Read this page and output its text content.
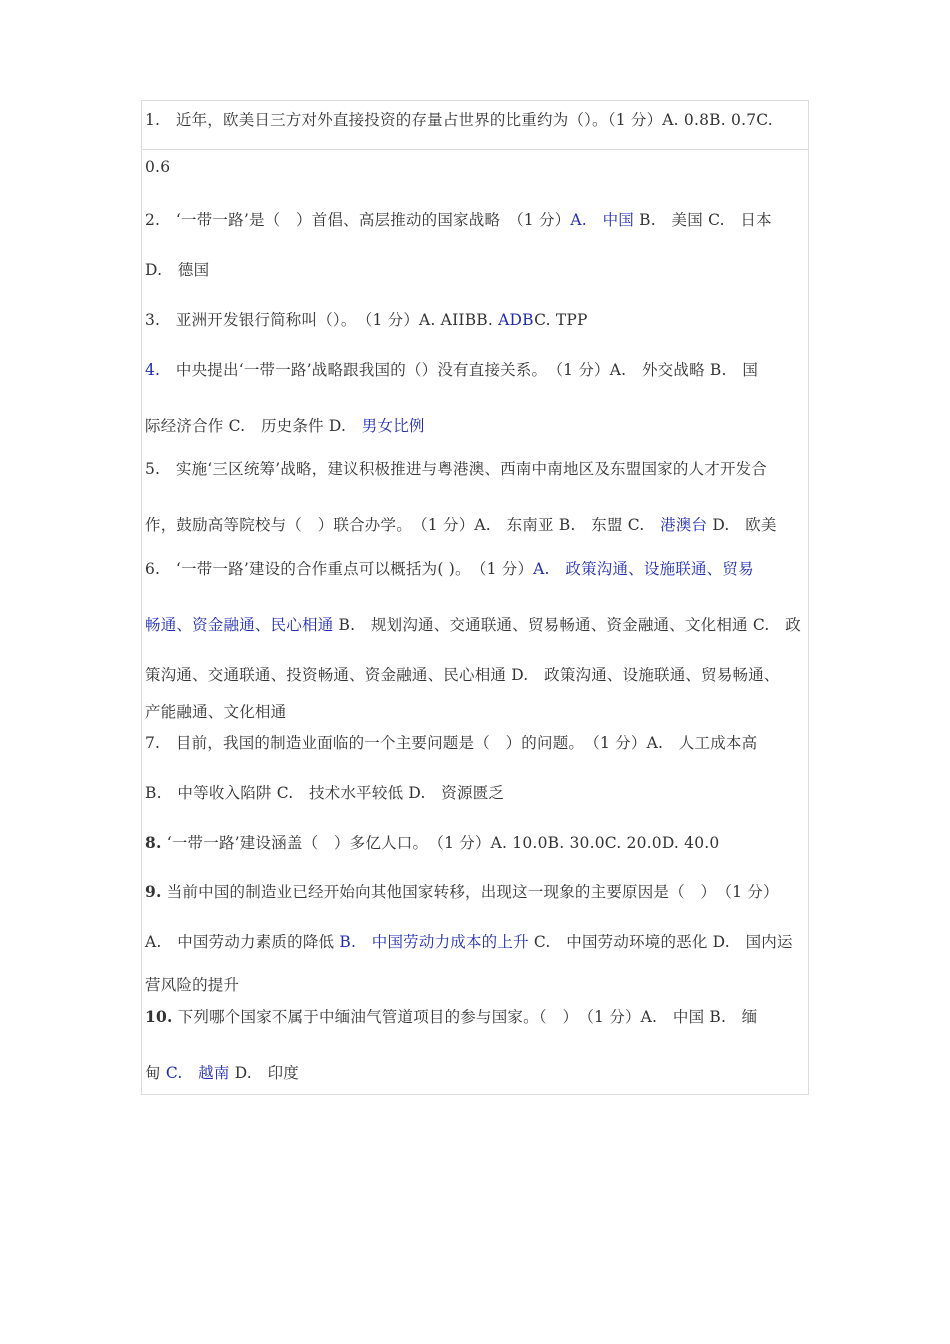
1.　近年，欧美日三方对外直接投资的存量占世界的比重约为（）。（1 分）A. 0.8B. 0.7C.
0.6
2.　‘一带一路’是（　）首倡、高层推动的国家战略　（1 分）A.　中国 B.　美国 C.　日本
D.　德国
3.　亚洲开发银行简称叫（）。　（1 分）A. AIIBB. ADBC. TPP
4.　中央提出‘一带一路’战略跟我国的（）没有直接关系。　（1 分）A.　外交战略 B.　国
际经济合作 C.　历史条件 D.　男女比例
5.　实施‘三区统筹’战略，建议积极推进与粤港澳、西南中南地区及东盟国家的人才开发合
作，鼓励高等院校与（　）联合办学。　（1 分）A.　东南亚 B.　东盟 C.　港澳台 D.　欧美
6.　‘一带一路’建设的合作重点可以概括为( )。　（1 分）A.　政策沟通、设施联通、贸易
畅通、资金融通、民心相通 B.　规划沟通、交通联通、贸易畅通、资金融通、文化相通 C.　政
策沟通、交通联通、投资畅通、资金融通、民心相通 D.　政策沟通、设施联通、贸易畅通、
产能融通、文化相通
7.　目前，我国的制造业面临的一个主要问题是（　）的问题。　（1 分）A.　人工成本高
B.　中等收入陷阱 C.　技术水平较低 D.　资源匮乏
8. ‘一带一路’建设涵盖（　）多亿人口。　（1 分）A. 10.0B. 30.0C. 20.0D. 40.0
9. 当前中国的制造业已经开始向其他国家转移，出现这一现象的主要原因是（　）　（1 分）
A.　中国劳动力素质的降低 B.　中国劳动力成本的上升 C.　中国劳动环境的恶化 D.　国内运
营风险的提升
10. 下列哪个国家不属于中缅油气管道项目的参与国家。（　）　（1 分）A.　中国 B.　缅
甸 C.　越南 D.　印度
